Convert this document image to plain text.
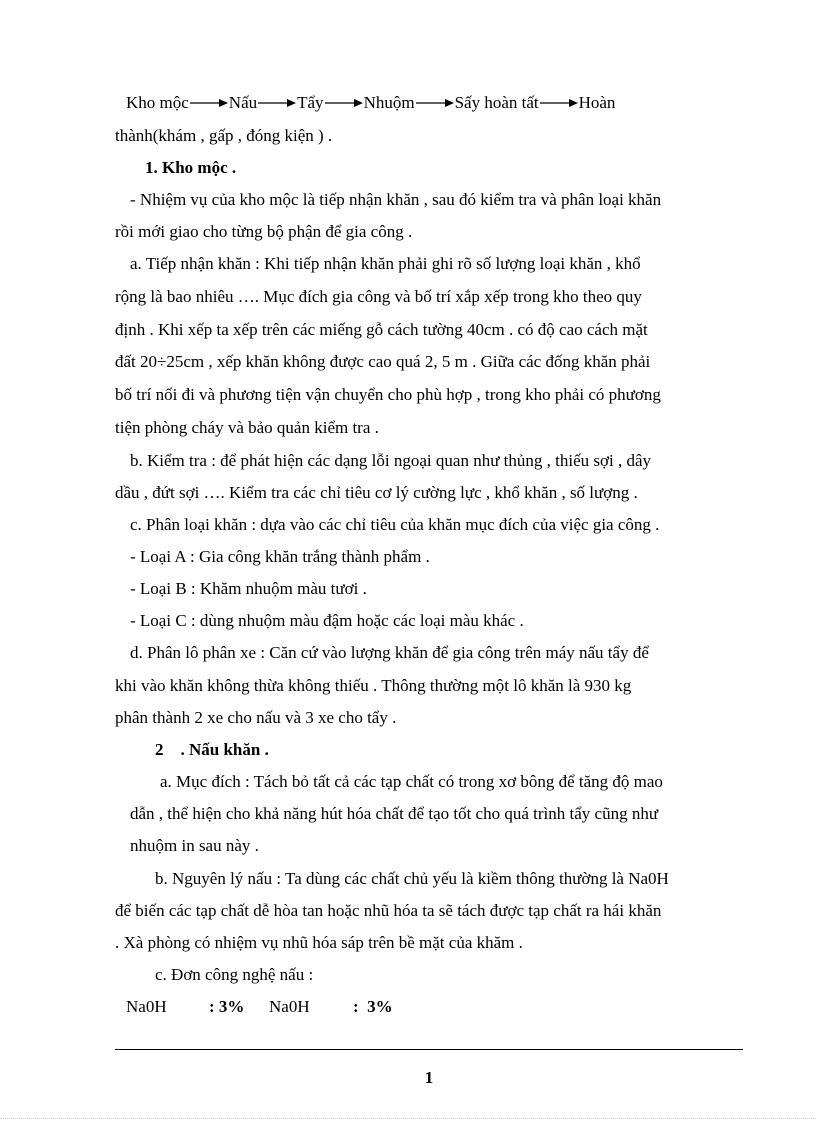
Kho mộc Nấu Tẩy Nhuộm Sấy hoàn tất Hoàn
thành(khám , gấp , đóng kiện ) .
1. Kho mộc .
- Nhiệm vụ của kho mộc là tiếp nhận khăn , sau đó kiểm tra và phân loại khăn
rồi mới giao cho từng bộ phận để gia công .
a. Tiếp nhận khăn : Khi tiếp nhận khăn phải ghi rõ số lượng loại khăn , khổ
rộng là bao nhiêu …. Mục đích gia công và bố trí xắp xếp trong kho theo quy
định . Khi xếp ta xếp trên các miếng gỗ cách tường 40cm . có độ cao cách mặt
đất 20÷25cm , xếp khăn không được cao quá 2, 5 m . Giữa các đống khăn phải
bố trí nối đi và phương tiện vận chuyển cho phù hợp , trong kho phải có phương
tiện phòng cháy và bảo quản kiểm tra .
b. Kiểm tra : để phát hiện các dạng lỗi ngoại quan như thủng , thiếu sợi , dây
dầu , đứt sợi …. Kiểm tra các chỉ tiêu cơ lý cường lực , khổ khăn , số lượng .
c. Phân loại khăn : dựa vào các chỉ tiêu của khăn mục đích của việc gia công .
- Loại A : Gia công khăn trắng thành phẩm .
- Loại B : Khăm nhuộm màu tươi .
- Loại C : dùng nhuộm màu đậm hoặc các loại màu khác .
d. Phân lô phân xe : Căn cứ vào lượng khăn để gia công trên máy nấu tẩy để
khi vào khăn không thừa không thiếu . Thông thường một lô khăn là 930 kg
phân thành 2 xe cho nấu và 3 xe cho tẩy .
2    . Nấu khăn .
a. Mục đích : Tách bỏ tất cả các tạp chất có trong xơ bông để tăng độ mao
dẫn , thể hiện cho khả năng hút hóa chất để tạo tốt cho quá trình tẩy cũng như
nhuộm in sau này .
b. Nguyên lý nấu : Ta dùng các chất chủ yếu là kiềm thông thường là Na0H
để biến các tạp chất dễ hòa tan hoặc nhũ hóa ta sẽ tách được tạp chất ra hái khăn
. Xà phòng có nhiệm vụ nhũ hóa sáp trên bề mặt của khăm .
c. Đơn công nghệ nấu :
Na0H : 3% Na0H	:  3%
1
